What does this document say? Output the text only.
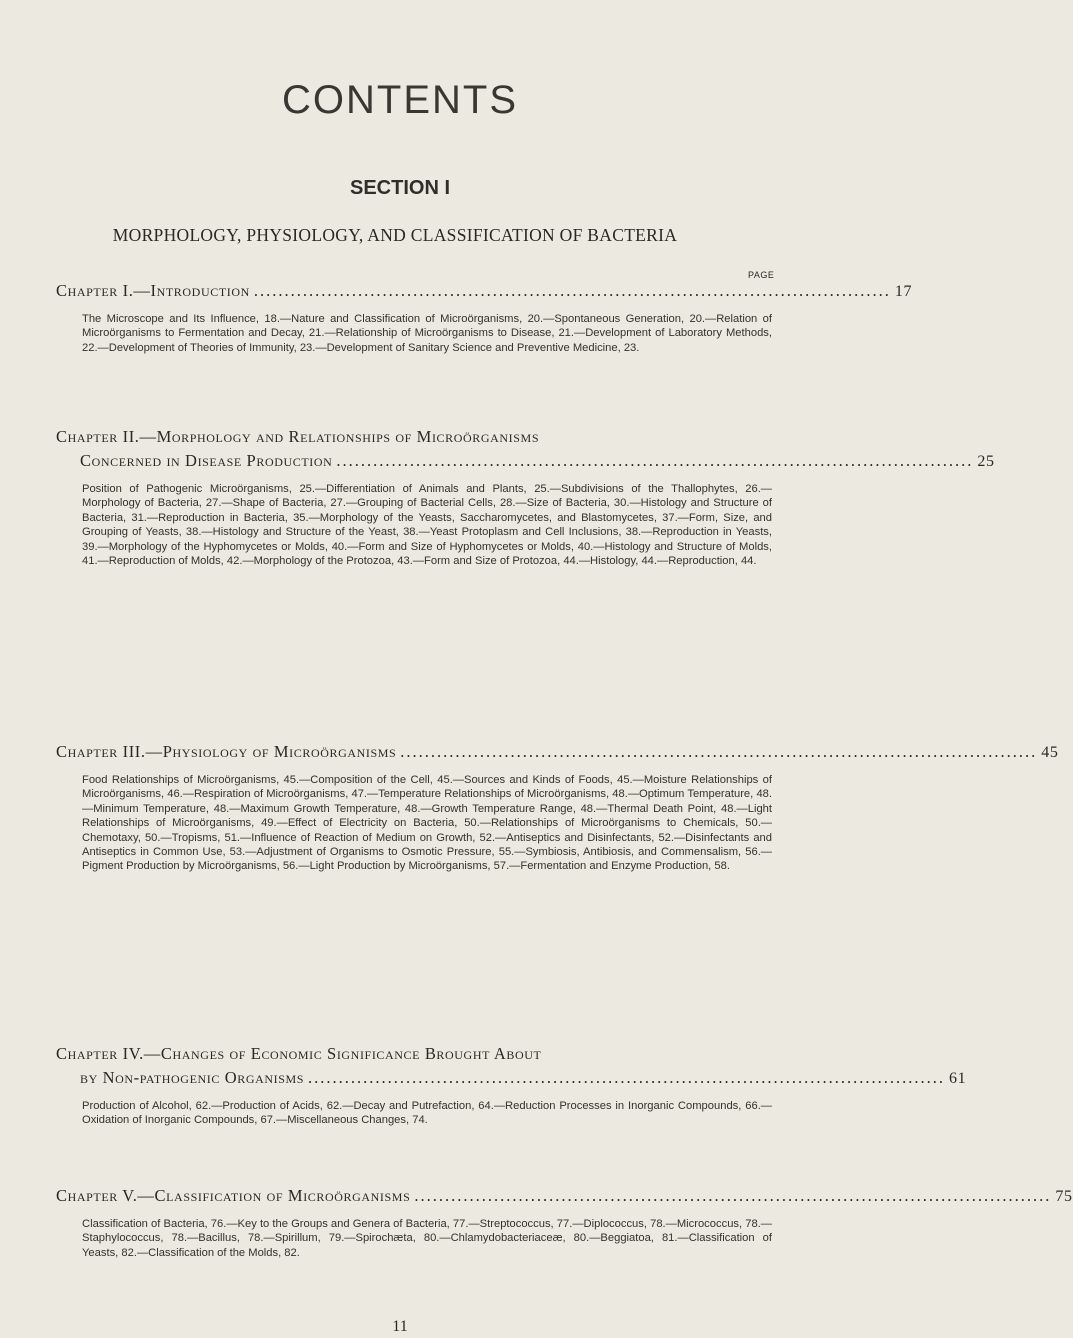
CONTENTS
SECTION I
MORPHOLOGY, PHYSIOLOGY, AND CLASSIFICATION OF BACTERIA
PAGE
Chapter I.—Introduction ........................................................................................................ 17
The Microscope and Its Influence, 18.—Nature and Classification of Microörganisms, 20.—Spontaneous Generation, 20.—Relation of Microörganisms to Fermentation and Decay, 21.—Relationship of Microörganisms to Disease, 21.—Development of Laboratory Methods, 22.—Development of Theories of Immunity, 23.—Development of Sanitary Science and Preventive Medicine, 23.
Chapter II.—Morphology and Relationships of Microörganisms
Concerned in Disease Production ........................................................................................................ 25
Position of Pathogenic Microörganisms, 25.—Differentiation of Animals and Plants, 25.—Subdivisions of the Thallophytes, 26.—Morphology of Bacteria, 27.—Shape of Bacteria, 27.—Grouping of Bacterial Cells, 28.—Size of Bacteria, 30.—Histology and Structure of Bacteria, 31.—Reproduction in Bacteria, 35.—Morphology of the Yeasts, Saccharomycetes, and Blastomycetes, 37.—Form, Size, and Grouping of Yeasts, 38.—Histology and Structure of the Yeast, 38.—Yeast Protoplasm and Cell Inclusions, 38.—Reproduction in Yeasts, 39.—Morphology of the Hyphomycetes or Molds, 40.—Form and Size of Hyphomycetes or Molds, 40.—Histology and Structure of Molds, 41.—Reproduction of Molds, 42.—Morphology of the Protozoa, 43.—Form and Size of Protozoa, 44.—Histology, 44.—Reproduction, 44.
Chapter III.—Physiology of Microörganisms ........................................................................................................ 45
Food Relationships of Microörganisms, 45.—Composition of the Cell, 45.—Sources and Kinds of Foods, 45.—Moisture Relationships of Microörganisms, 46.—Respiration of Microörganisms, 47.—Temperature Relationships of Microörganisms, 48.—Optimum Temperature, 48.—Minimum Temperature, 48.—Maximum Growth Temperature, 48.—Growth Temperature Range, 48.—Thermal Death Point, 48.—Light Relationships of Microörganisms, 49.—Effect of Electricity on Bacteria, 50.—Relationships of Microörganisms to Chemicals, 50.—Chemotaxy, 50.—Tropisms, 51.—Influence of Reaction of Medium on Growth, 52.—Antiseptics and Disinfectants, 52.—Disinfectants and Antiseptics in Common Use, 53.—Adjustment of Organisms to Osmotic Pressure, 55.—Symbiosis, Antibiosis, and Commensalism, 56.—Pigment Production by Microörganisms, 56.—Light Production by Microörganisms, 57.—Fermentation and Enzyme Production, 58.
Chapter IV.—Changes of Economic Significance Brought About
by Non-pathogenic Organisms ........................................................................................................ 61
Production of Alcohol, 62.—Production of Acids, 62.—Decay and Putrefaction, 64.—Reduction Processes in Inorganic Compounds, 66.—Oxidation of Inorganic Compounds, 67.—Miscellaneous Changes, 74.
Chapter V.—Classification of Microörganisms ........................................................................................................ 75
Classification of Bacteria, 76.—Key to the Groups and Genera of Bacteria, 77.—Streptococcus, 77.—Diplococcus, 78.—Micrococcus, 78.—Staphylococcus, 78.—Bacillus, 78.—Spirillum, 79.—Spirochæta, 80.—Chlamydobacteriaceæ, 80.—Beggiatoa, 81.—Classification of Yeasts, 82.—Classification of the Molds, 82.
11
